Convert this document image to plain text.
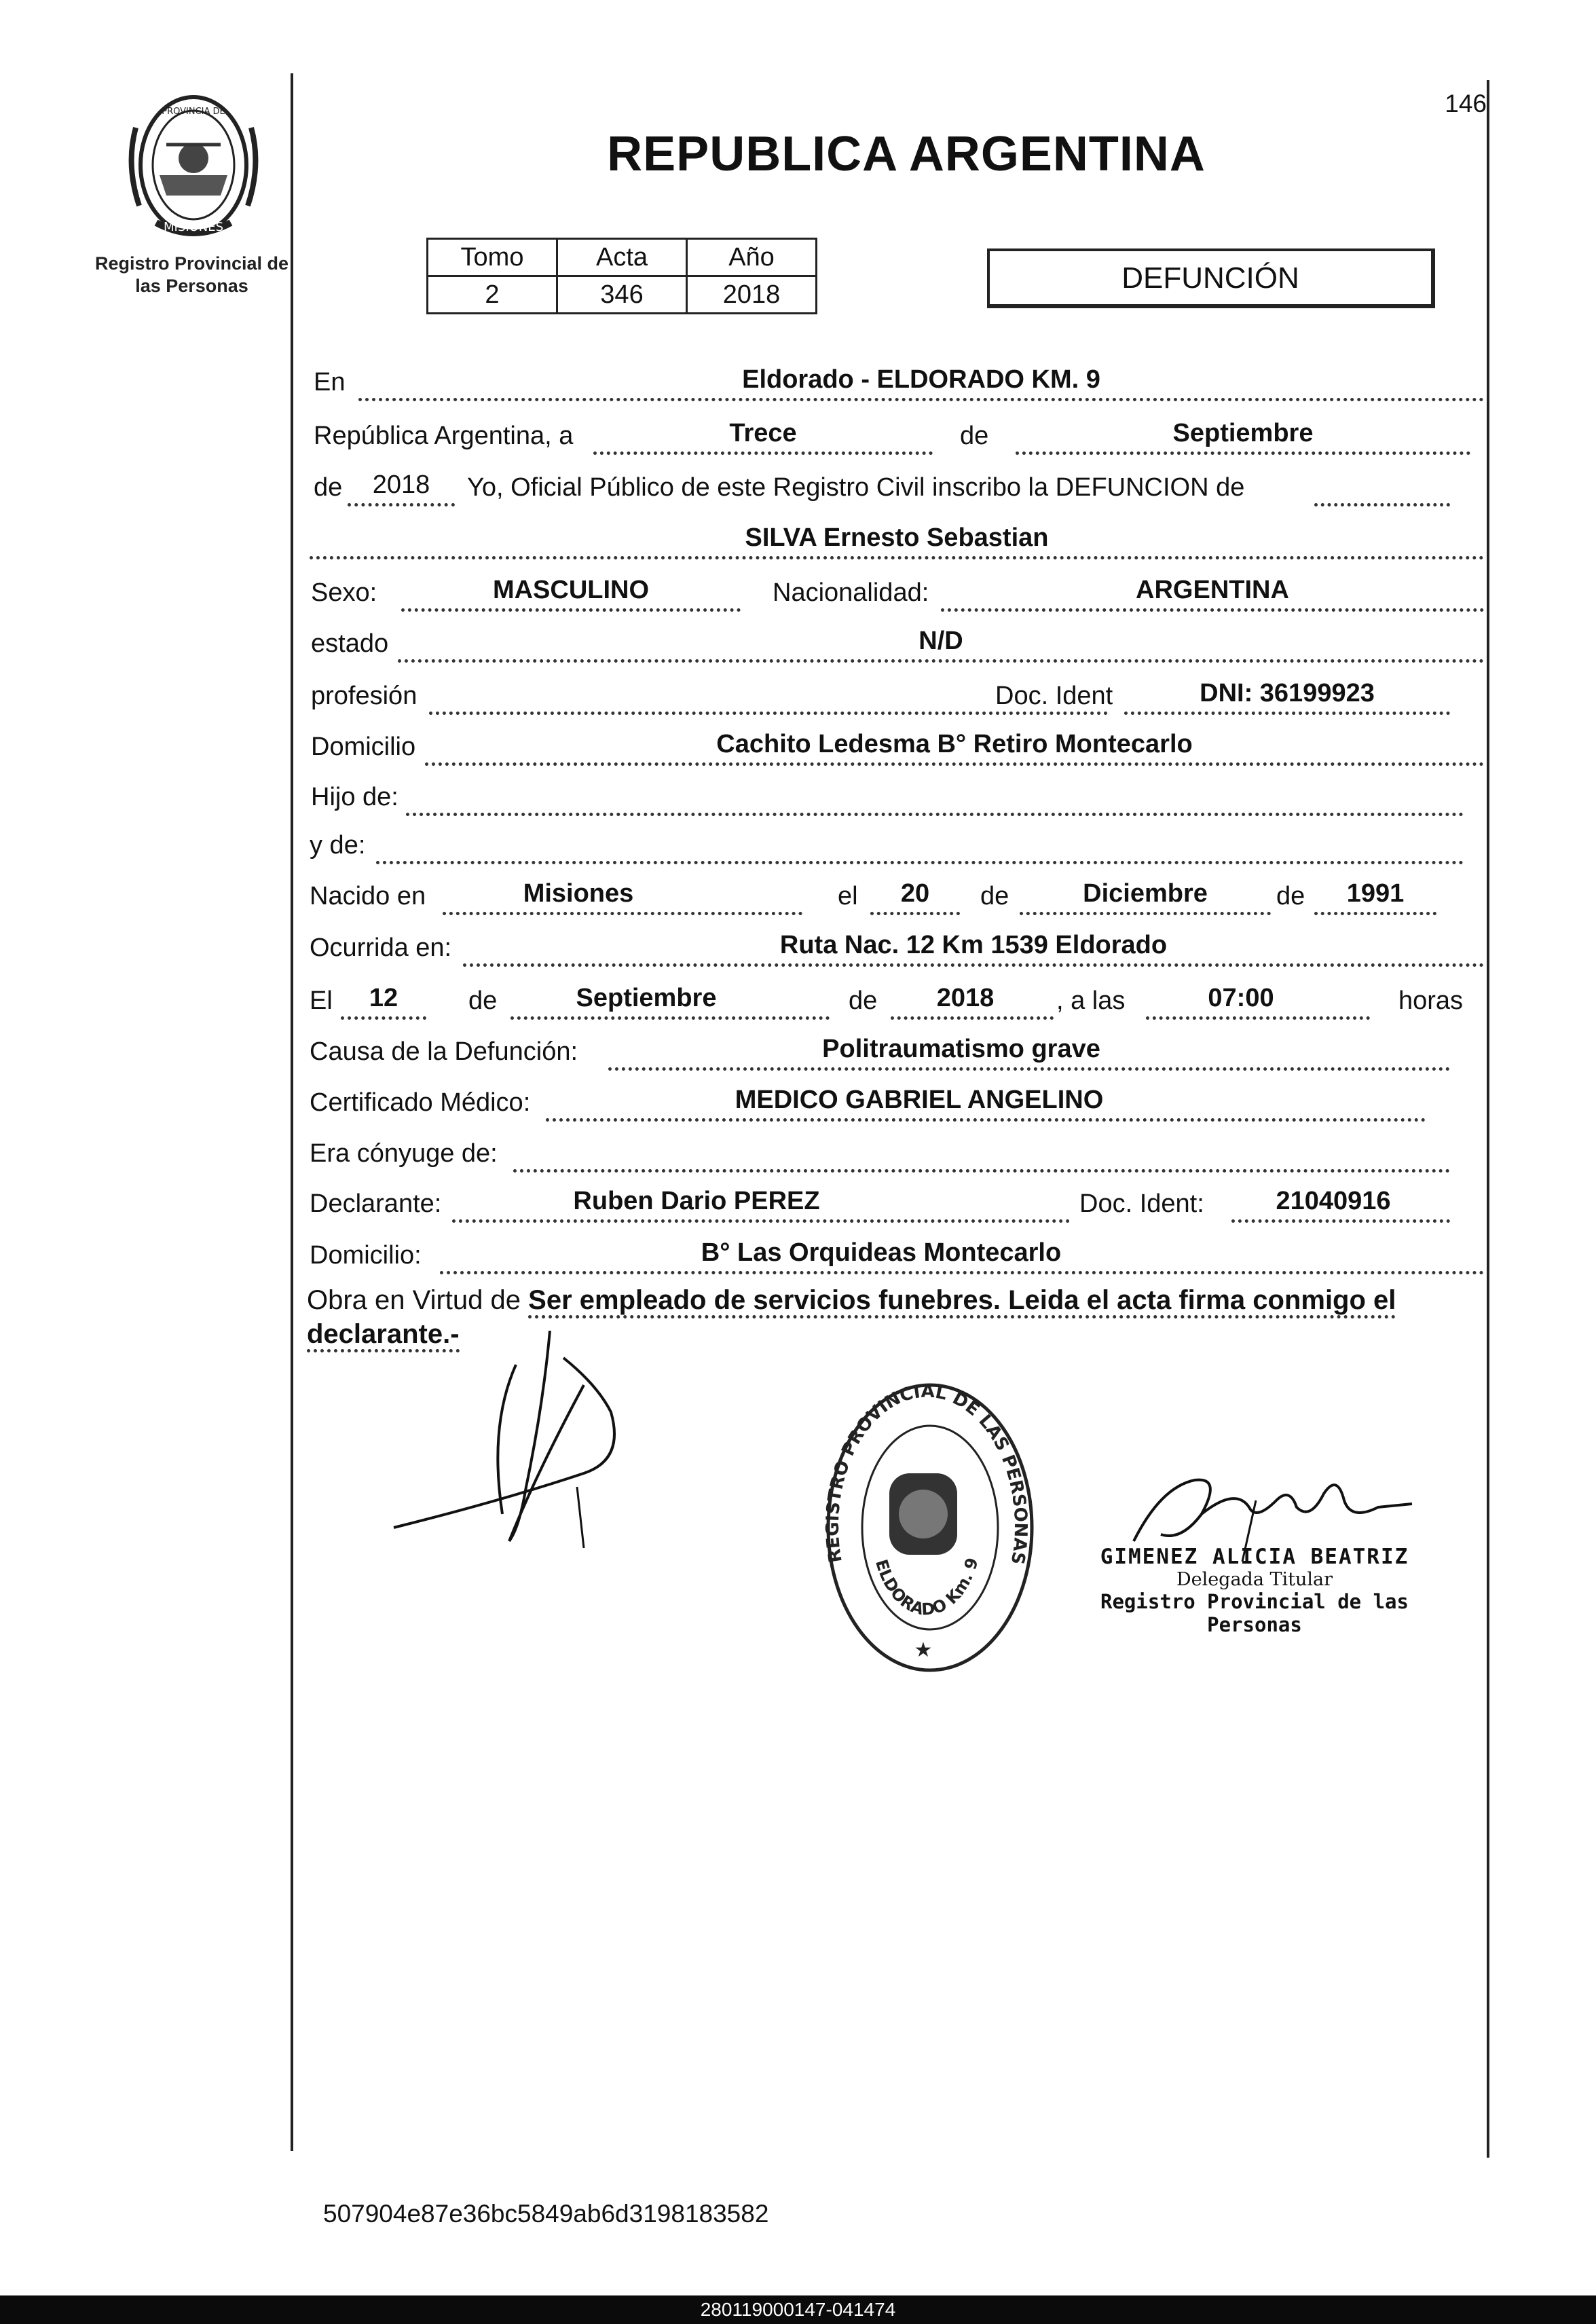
MISIONES
PROVINCIA DE
Registro Provincial de las Personas
146
REPUBLICA ARGENTINA
Tomo	Acta	Año
2	346	2018	DEFUNCIÓN
En	Eldorado - ELDORADO KM. 9
República Argentina, a	Trece	de	Septiembre
de	2018	Yo, Oficial Público de este Registro Civil inscribo la DEFUNCION de
SILVA Ernesto Sebastian
Sexo:	MASCULINO	Nacionalidad:	ARGENTINA
estado	N/D
profesión	Doc. Ident	DNI: 36199923
Domicilio	Cachito Ledesma B° Retiro Montecarlo
Hijo de:
y de:
Nacido en	Misiones	el	20	de	Diciembre	de	1991
Ocurrida en:	Ruta Nac. 12 Km 1539 Eldorado
El	12	de	Septiembre	de	2018	, a las	07:00	horas
Causa de la Defunción:	Politraumatismo grave
Certificado Médico:	MEDICO GABRIEL ANGELINO
Era cónyuge de:
Declarante:	Ruben Dario PEREZ	Doc. Ident:	21040916
Domicilio:	B° Las Orquideas Montecarlo
Obra en Virtud de Ser empleado de servicios funebres. Leida el acta firma conmigo el declarante.-
REGISTRO PROVINCIAL DE LAS PERSONAS
ELDORADO Km. 9
★
GIMENEZ ALICIA BEATRIZ
Delegada Titular
Registro Provincial de las Personas
507904e87e36bc5849ab6d3198183582
280119000147-041474
